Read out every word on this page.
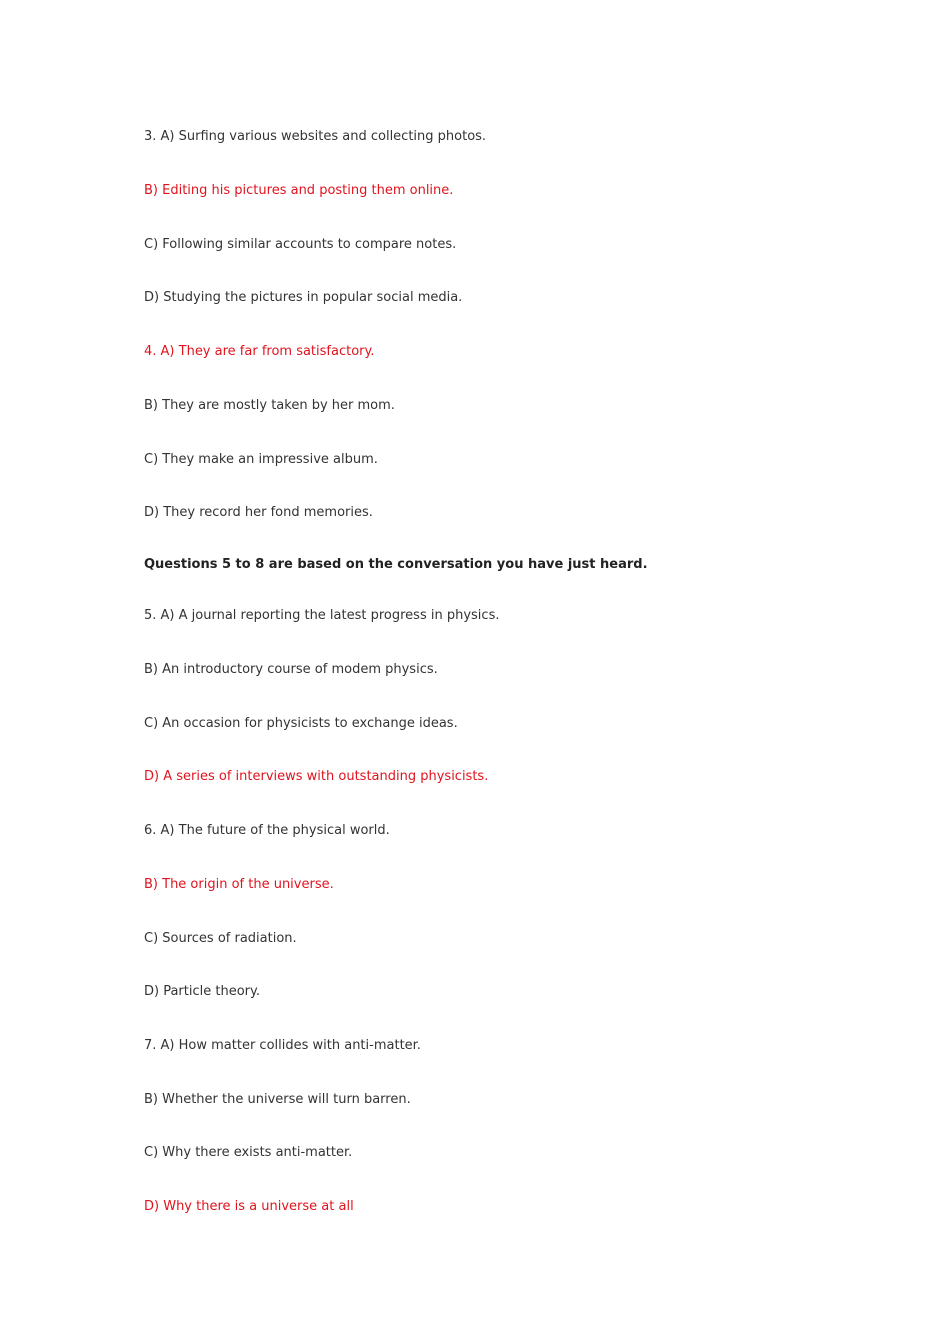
3. A) Surfing various websites and collecting photos.
B) Editing his pictures and posting them online.
C) Following similar accounts to compare notes.
D) Studying the pictures in popular social media.
4. A) They are far from satisfactory.
B) They are mostly taken by her mom.
C) They make an impressive album.
D) They record her fond memories.
Questions 5 to 8 are based on the conversation you have just heard.
5. A) A journal reporting the latest progress in physics.
B) An introductory course of modem physics.
C) An occasion for physicists to exchange ideas.
D) A series of interviews with outstanding physicists.
6. A) The future of the physical world.
B) The origin of the universe.
C) Sources of radiation.
D) Particle theory.
7. A) How matter collides with anti-matter.
B) Whether the universe will turn barren.
C) Why there exists anti-matter.
D) Why there is a universe at all
